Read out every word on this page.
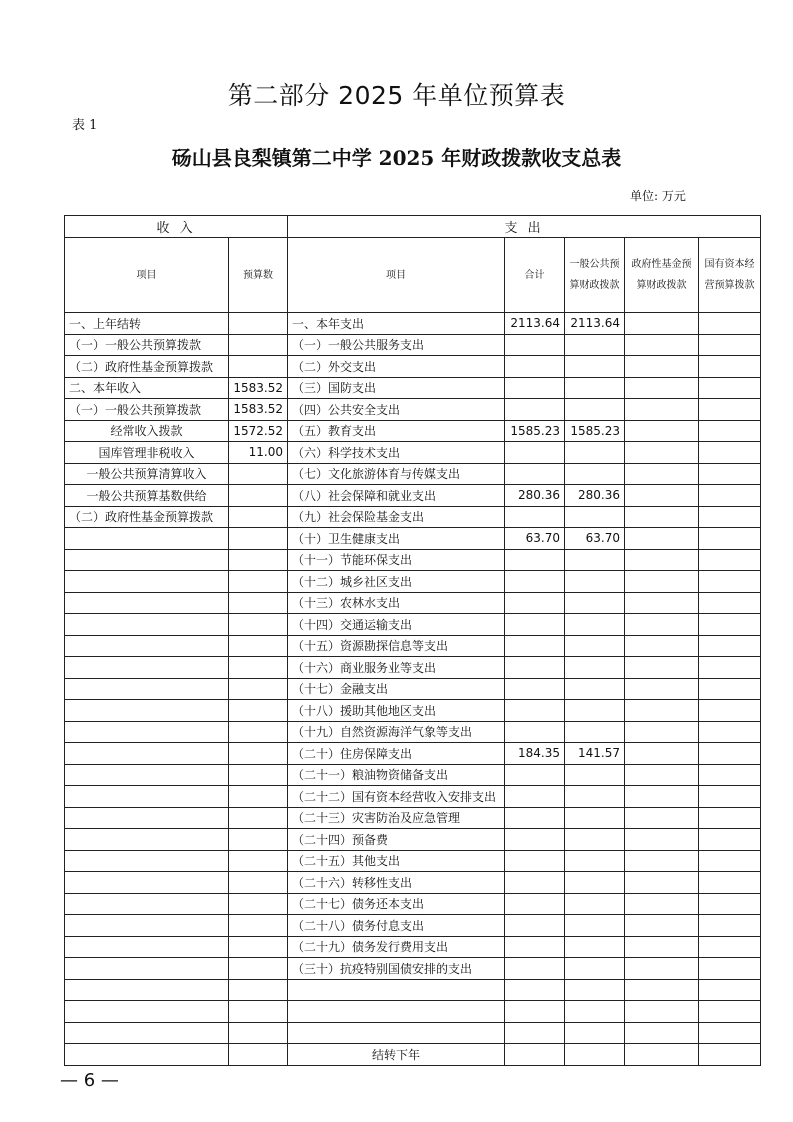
第二部分 2025 年单位预算表
表 1
砀山县良梨镇第二中学 2025 年财政拨款收支总表
单位: 万元
收 入		支 出				
项目	预算数	项目	合计	一般公共预算财政拨款	政府性基金预算财政拨款	国有资本经营预算拨款
一、上年结转		一、本年支出	2113.64	2113.64		
（一）一般公共预算拨款		（一）一般公共服务支出				
（二）政府性基金预算拨款		（二）外交支出				
二、本年收入	1583.52	（三）国防支出				
（一）一般公共预算拨款	1583.52	（四）公共安全支出				
经常收入拨款	1572.52	（五）教育支出	1585.23	1585.23		
国库管理非税收入	11.00	（六）科学技术支出				
一般公共预算清算收入		（七）文化旅游体育与传媒支出				
一般公共预算基数供给		（八）社会保障和就业支出	280.36	280.36		
（二）政府性基金预算拨款		（九）社会保险基金支出				
		（十）卫生健康支出	63.70	63.70		
		（十一）节能环保支出				
		（十二）城乡社区支出				
		（十三）农林水支出				
		（十四）交通运输支出				
		（十五）资源勘探信息等支出				
		（十六）商业服务业等支出				
		（十七）金融支出				
		（十八）援助其他地区支出				
		（十九）自然资源海洋气象等支出				
		（二十）住房保障支出	184.35	141.57		
		（二十一）粮油物资储备支出				
		（二十二）国有资本经营收入安排支出				
		（二十三）灾害防治及应急管理				
		（二十四）预备费				
		（二十五）其他支出				
		（二十六）转移性支出				
		（二十七）债务还本支出				
		（二十八）债务付息支出				
		（二十九）债务发行费用支出				
		（三十）抗疫特别国债安排的支出				

		结转下年				
— 6 —
